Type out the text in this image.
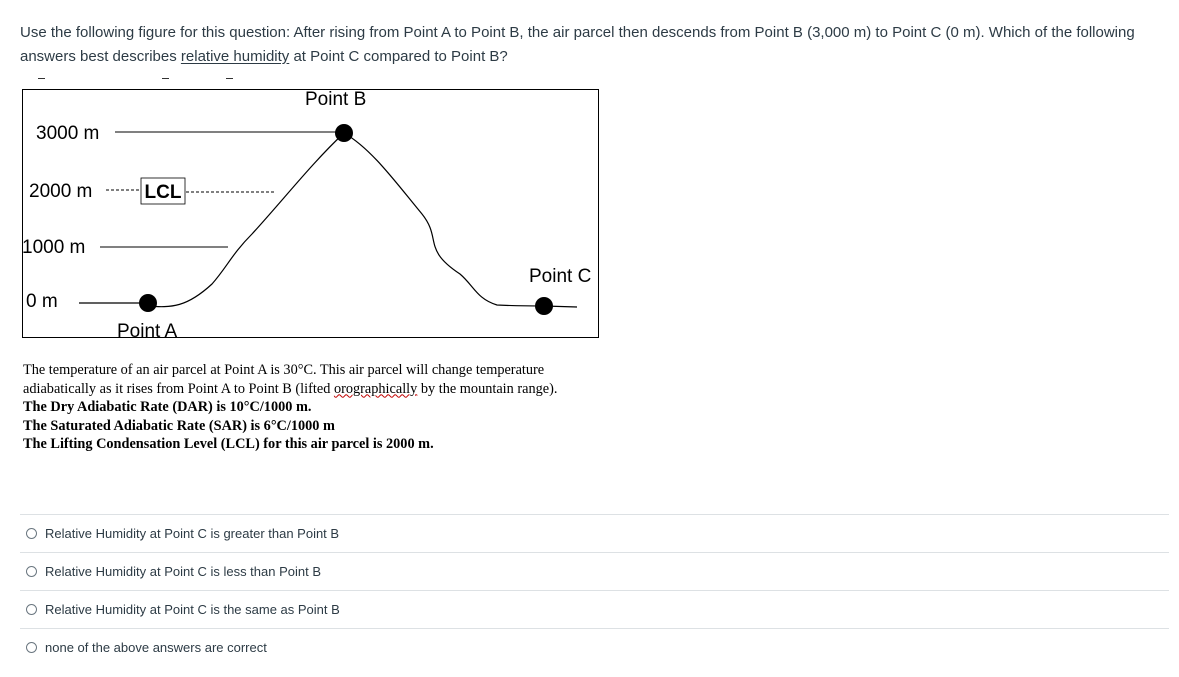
Use the following figure for this question: After rising from Point A to Point B, the air parcel then descends from Point B (3,000 m) to Point C (0 m). Which of the following answers best describes relative humidity at Point C compared to Point B?
LCL
3000 m
2000 m
1000 m
0 m
Point B
Point C
Point A

The temperature of an air parcel at Point A is 30°C. This air parcel will change temperature adiabatically as it rises from Point A to Point B (lifted orographically by the mountain range).

The Dry Adiabatic Rate (DAR) is 10°C/1000 m.

The Saturated Adiabatic Rate (SAR) is 6°C/1000 m

The Lifting Condensation Level (LCL) for this air parcel is 2000 m.

Relative Humidity at Point C is greater than Point B
Relative Humidity at Point C is less than Point B
Relative Humidity at Point C is the same as Point B
none of the above answers are correct
